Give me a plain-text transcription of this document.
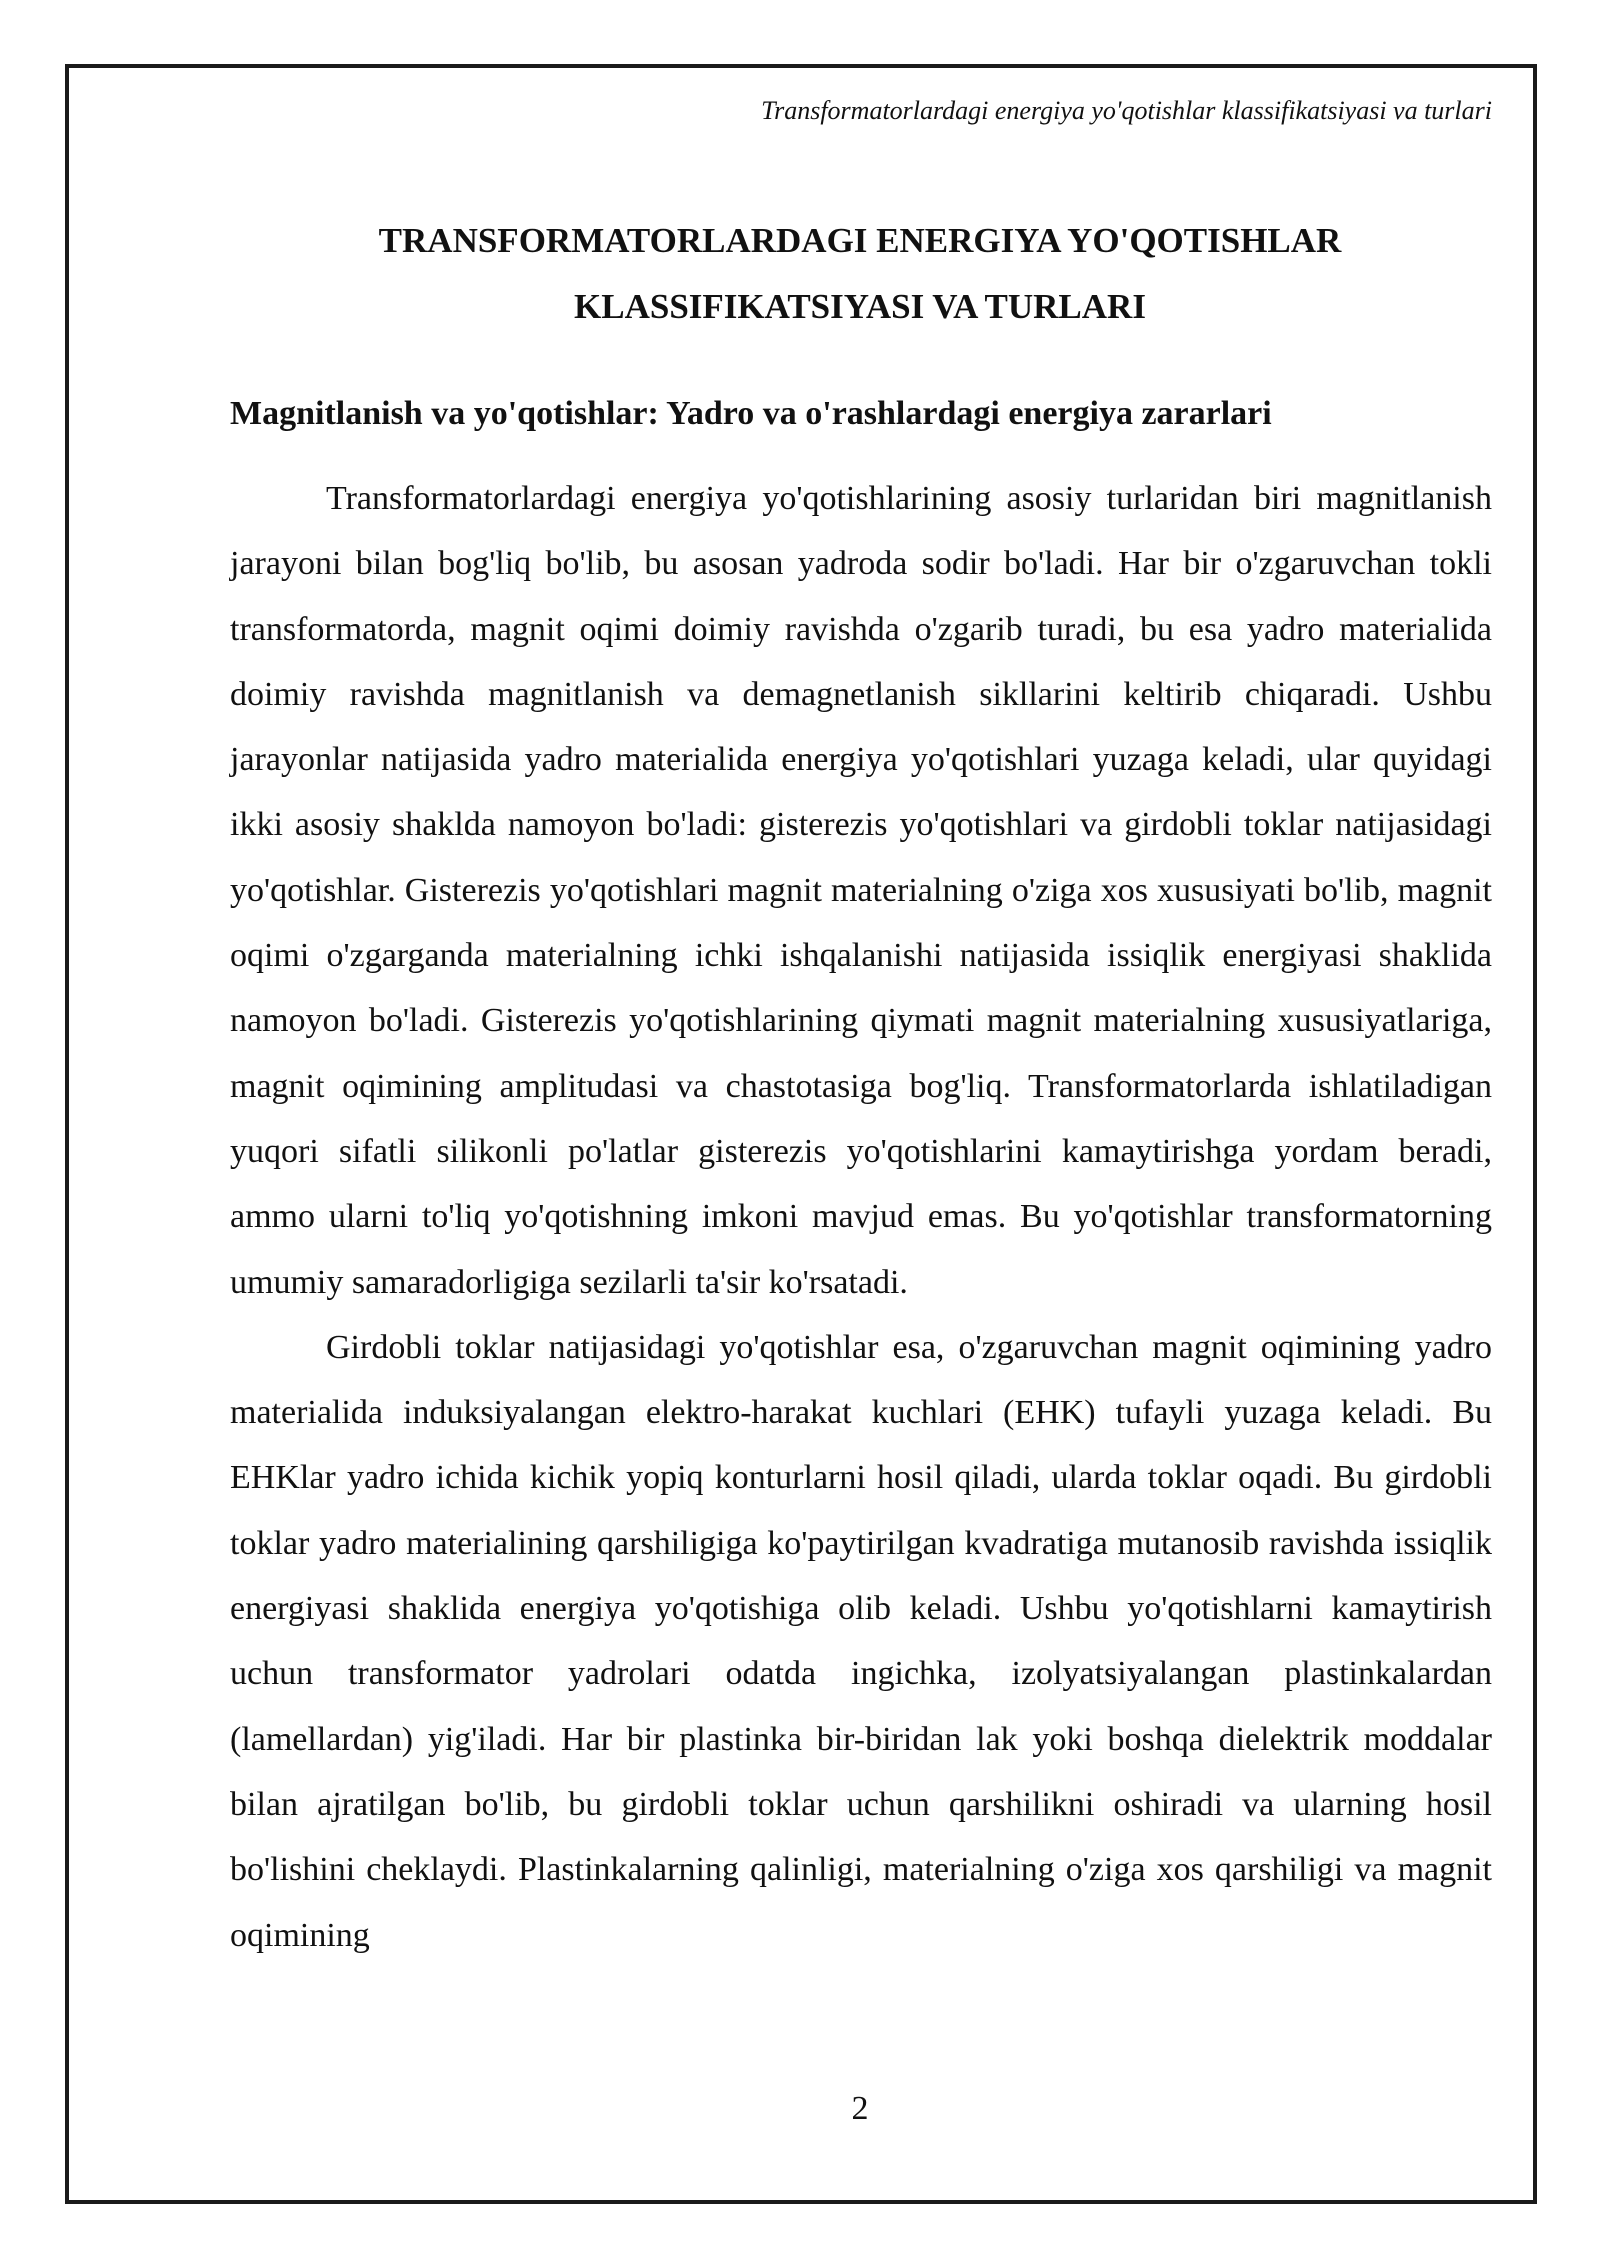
Transformatorlardagi energiya yo'qotishlar klassifikatsiyasi va turlari
TRANSFORMATORLARDAGI ENERGIYA YO'QOTISHLAR
KLASSIFIKATSIYASI VA TURLARI
Magnitlanish va yo'qotishlar: Yadro va o'rashlardagi energiya zararlari

Transformatorlardagi energiya yo'qotishlarining asosiy turlaridan biri magnitlanish jarayoni bilan bog'liq bo'lib, bu asosan yadroda sodir bo'ladi. Har bir o'zgaruvchan tokli transformatorda, magnit oqimi doimiy ravishda o'zgarib turadi, bu esa yadro materialida doimiy ravishda magnitlanish va demagnetlanish sikllarini keltirib chiqaradi. Ushbu jarayonlar natijasida yadro materialida energiya yo'qotishlari yuzaga keladi, ular quyidagi ikki asosiy shaklda namoyon bo'ladi: gisterezis yo'qotishlari va girdobli toklar natijasidagi yo'qotishlar. Gisterezis yo'qotishlari magnit materialning o'ziga xos xususiyati bo'lib, magnit oqimi o'zgarganda materialning ichki ishqalanishi natijasida issiqlik energiyasi shaklida namoyon bo'ladi. Gisterezis yo'qotishlarining qiymati magnit materialning xususiyatlariga, magnit oqimining amplitudasi va chastotasiga bog'liq. Transformatorlarda ishlatiladigan yuqori sifatli silikonli po'latlar gisterezis yo'qotishlarini kamaytirishga yordam beradi, ammo ularni to'liq yo'qotishning imkoni mavjud emas. Bu yo'qotishlar transformatorning umumiy samaradorligiga sezilarli ta'sir ko'rsatadi.

Girdobli toklar natijasidagi yo'qotishlar esa, o'zgaruvchan magnit oqimining yadro materialida induksiyalangan elektro-harakat kuchlari (EHK) tufayli yuzaga keladi. Bu EHKlar yadro ichida kichik yopiq konturlarni hosil qiladi, ularda toklar oqadi. Bu girdobli toklar yadro materialining qarshiligiga ko'paytirilgan kvadratiga mutanosib ravishda issiqlik energiyasi shaklida energiya yo'qotishiga olib keladi. Ushbu yo'qotishlarni kamaytirish uchun transformator yadrolari odatda ingichka, izolyatsiyalangan plastinkalardan (lamellardan) yig'iladi. Har bir plastinka bir-biridan lak yoki boshqa dielektrik moddalar bilan ajratilgan bo'lib, bu girdobli toklar uchun qarshilikni oshiradi va ularning hosil bo'lishini cheklaydi. Plastinkalarning qalinligi, materialning o'ziga xos qarshiligi va magnit oqimining

2
